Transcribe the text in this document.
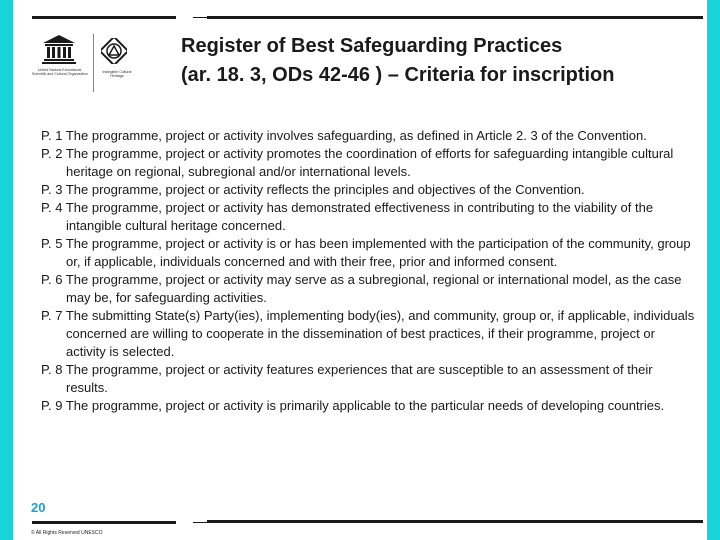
United Nations Educational, Scientific and Cultural Organization
Intangible Cultural Heritage
Register of Best Safeguarding Practices
(ar. 18. 3, ODs 42-46 ) – Criteria for inscription
P. 1 The programme, project or activity involves safeguarding, as defined in Article 2. 3 of the Convention.
P. 2 The programme, project or activity promotes the coordination of efforts for safeguarding intangible cultural heritage on regional, subregional and/or international levels.
P. 3 The programme, project or activity reflects the principles and objectives of the Convention.
P. 4 The programme, project or activity has demonstrated effectiveness in contributing to the viability of the intangible cultural heritage concerned.
P. 5 The programme, project or activity is or has been implemented with the participation of the community, group or, if applicable, individuals concerned and with their free, prior and informed consent.
P. 6 The programme, project or activity may serve as a subregional, regional or international model, as the case may be, for safeguarding activities.
P. 7 The submitting State(s) Party(ies), implementing body(ies), and community, group or, if applicable, individuals concerned are willing to cooperate in the dissemination of best practices, if their programme, project or activity is selected.
P. 8 The programme, project or activity features experiences that are susceptible to an assessment of their results.
P. 9 The programme, project or activity is primarily applicable to the particular needs of developing countries.
20
© All Rights Reserved UNESCO
